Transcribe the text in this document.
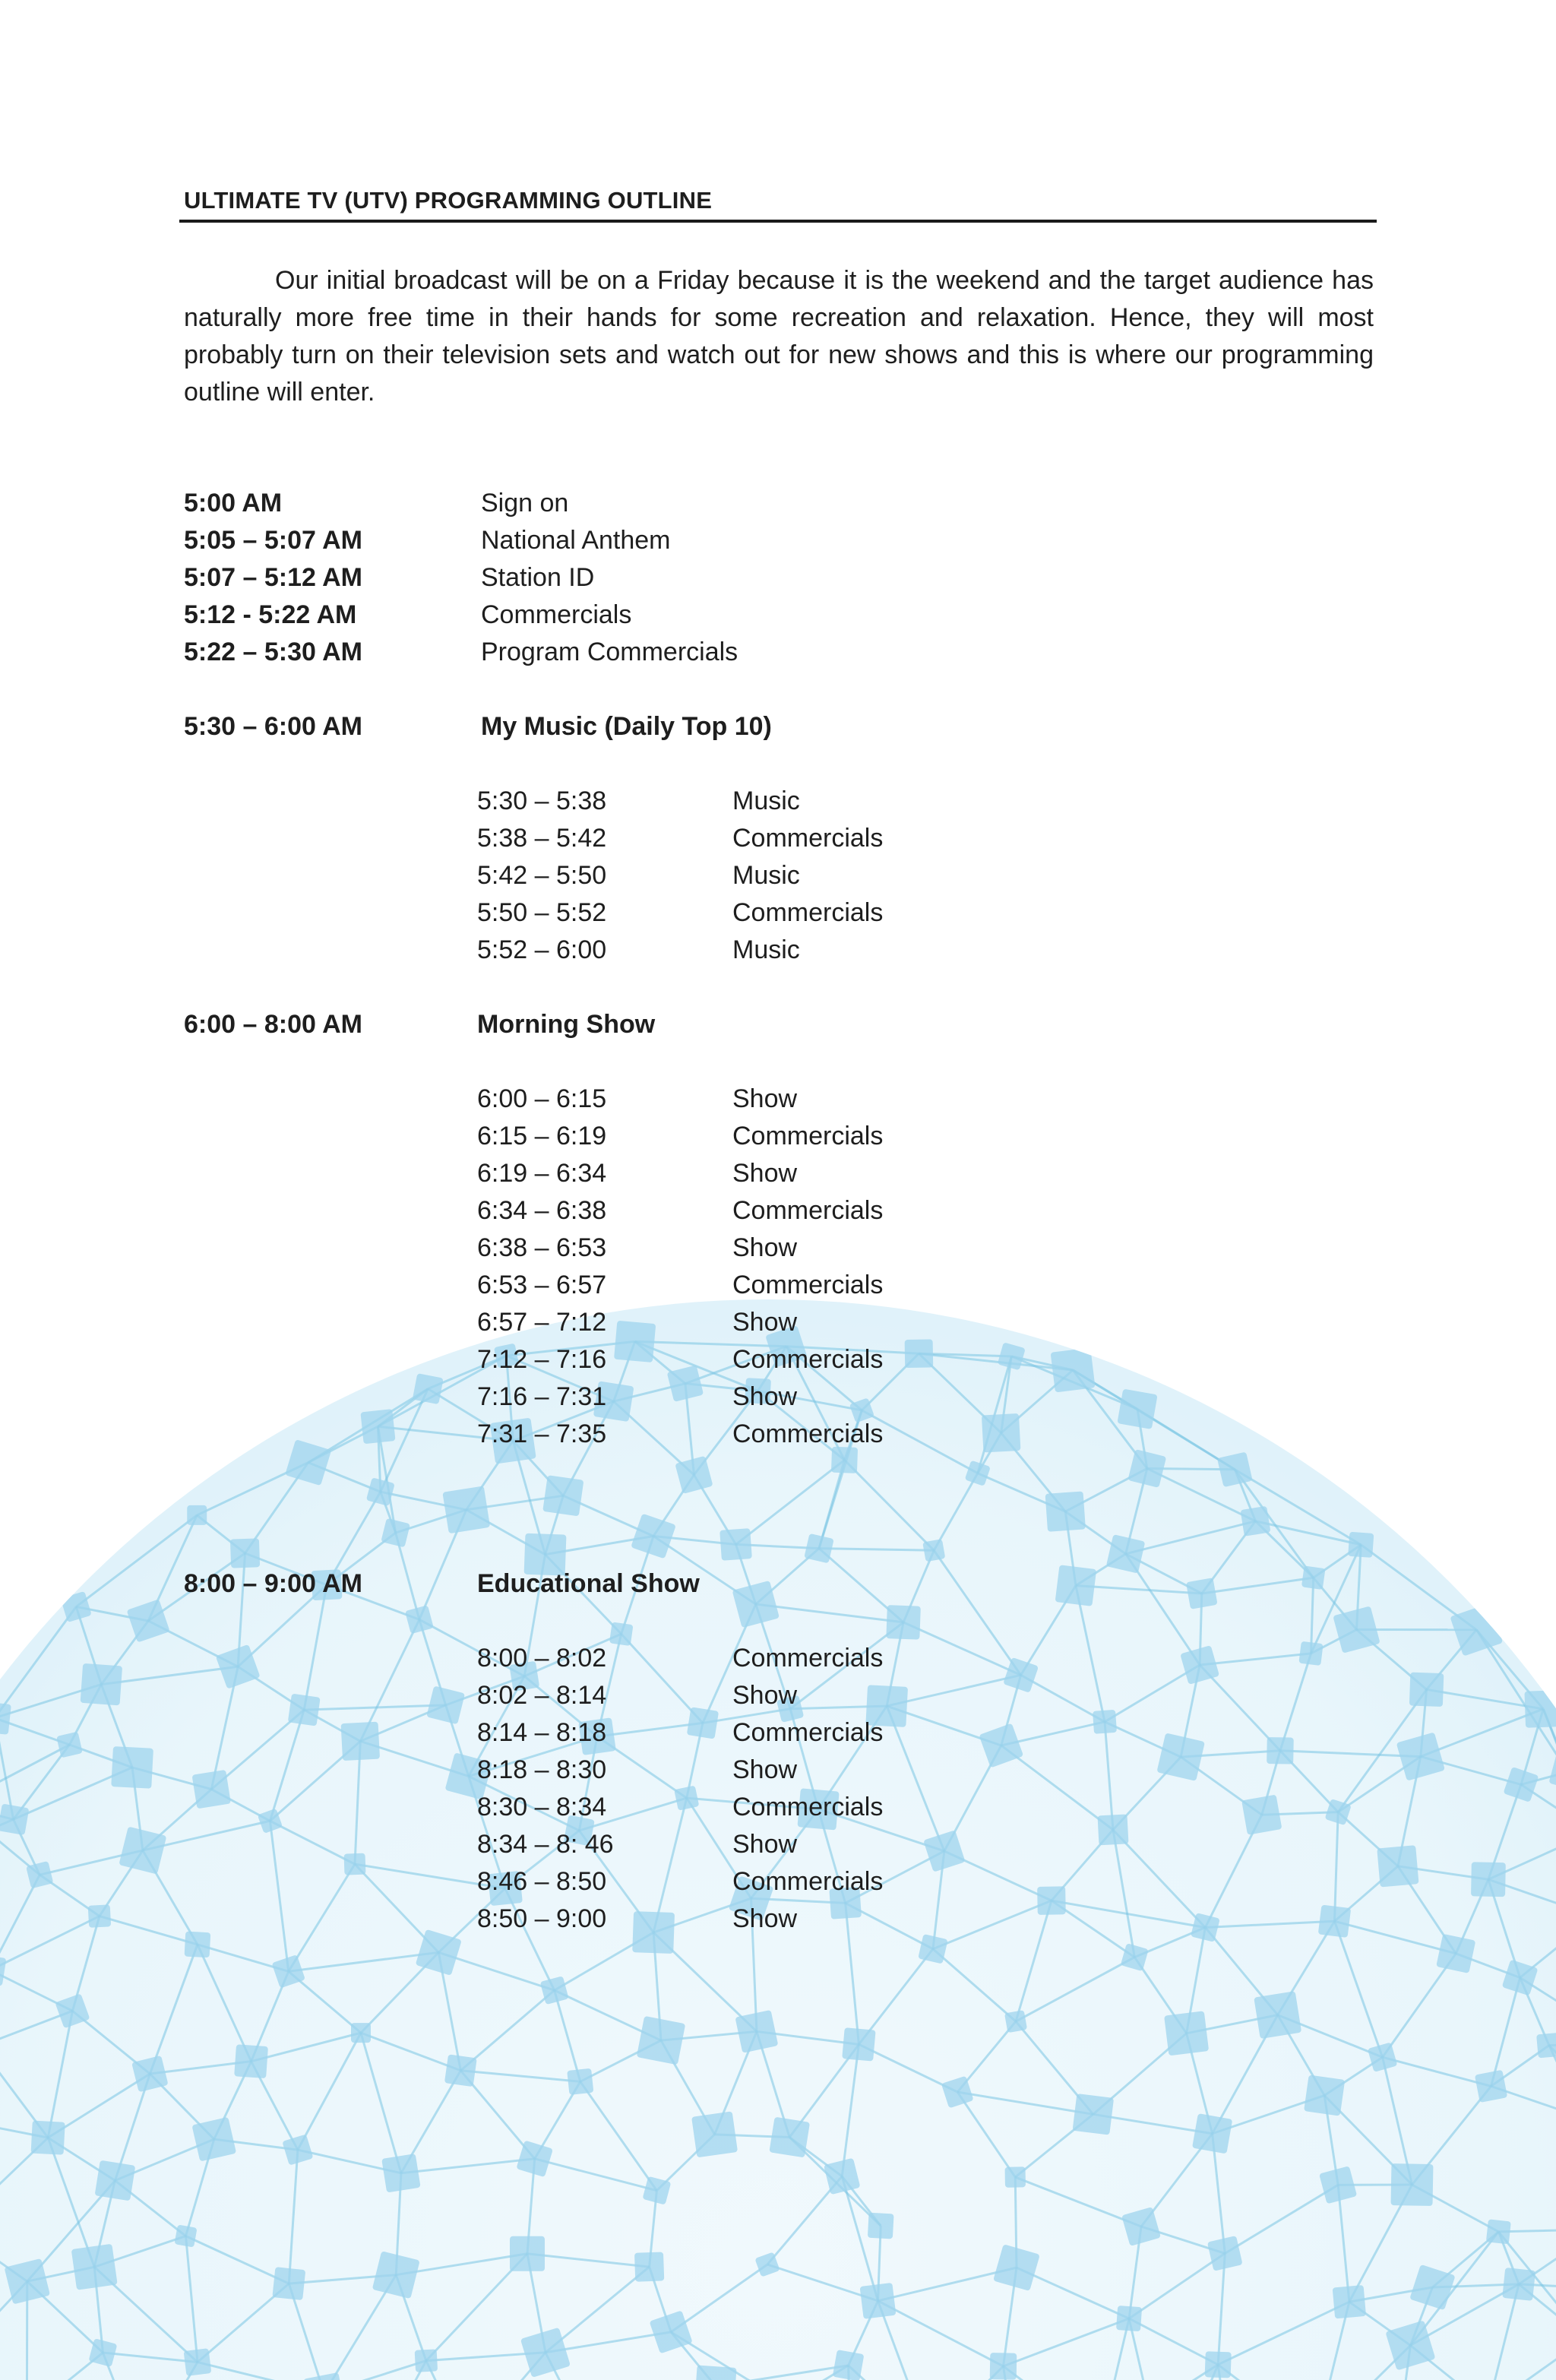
ULTIMATE TV (UTV) PROGRAMMING OUTLINE

Our initial broadcast will be on a Friday because it is the weekend and the target audience has naturally more free time in their hands for some recreation and relaxation. Hence, they will most probably turn on their television sets and watch out for new shows and this is where our programming outline will enter.

5:00 AM	Sign on
5:05 – 5:07 AM	National Anthem
5:07 – 5:12 AM	Station ID
5:12 - 5:22 AM	Commercials
5:22 – 5:30 AM	Program Commercials
5:30 – 6:00 AM	My Music (Daily Top 10)
5:30 – 5:38	Music
5:38 – 5:42	Commercials
5:42 – 5:50	Music
5:50 – 5:52	Commercials
5:52 – 6:00	Music
6:00 – 8:00 AM	Morning Show
6:00 – 6:15	Show
6:15 – 6:19	Commercials
6:19 – 6:34	Show
6:34 – 6:38	Commercials
6:38 – 6:53	Show
6:53 – 6:57	Commercials
6:57 – 7:12	Show
7:12 – 7:16	Commercials
7:16 – 7:31	Show
7:31 – 7:35	Commercials
8:00 – 9:00 AM	Educational Show
8:00 – 8:02	Commercials
8:02 – 8:14	Show
8:14 – 8:18	Commercials
8:18 – 8:30	Show
8:30 – 8:34	Commercials
8:34 – 8: 46	Show
8:46 – 8:50	Commercials
8:50 – 9:00	Show
